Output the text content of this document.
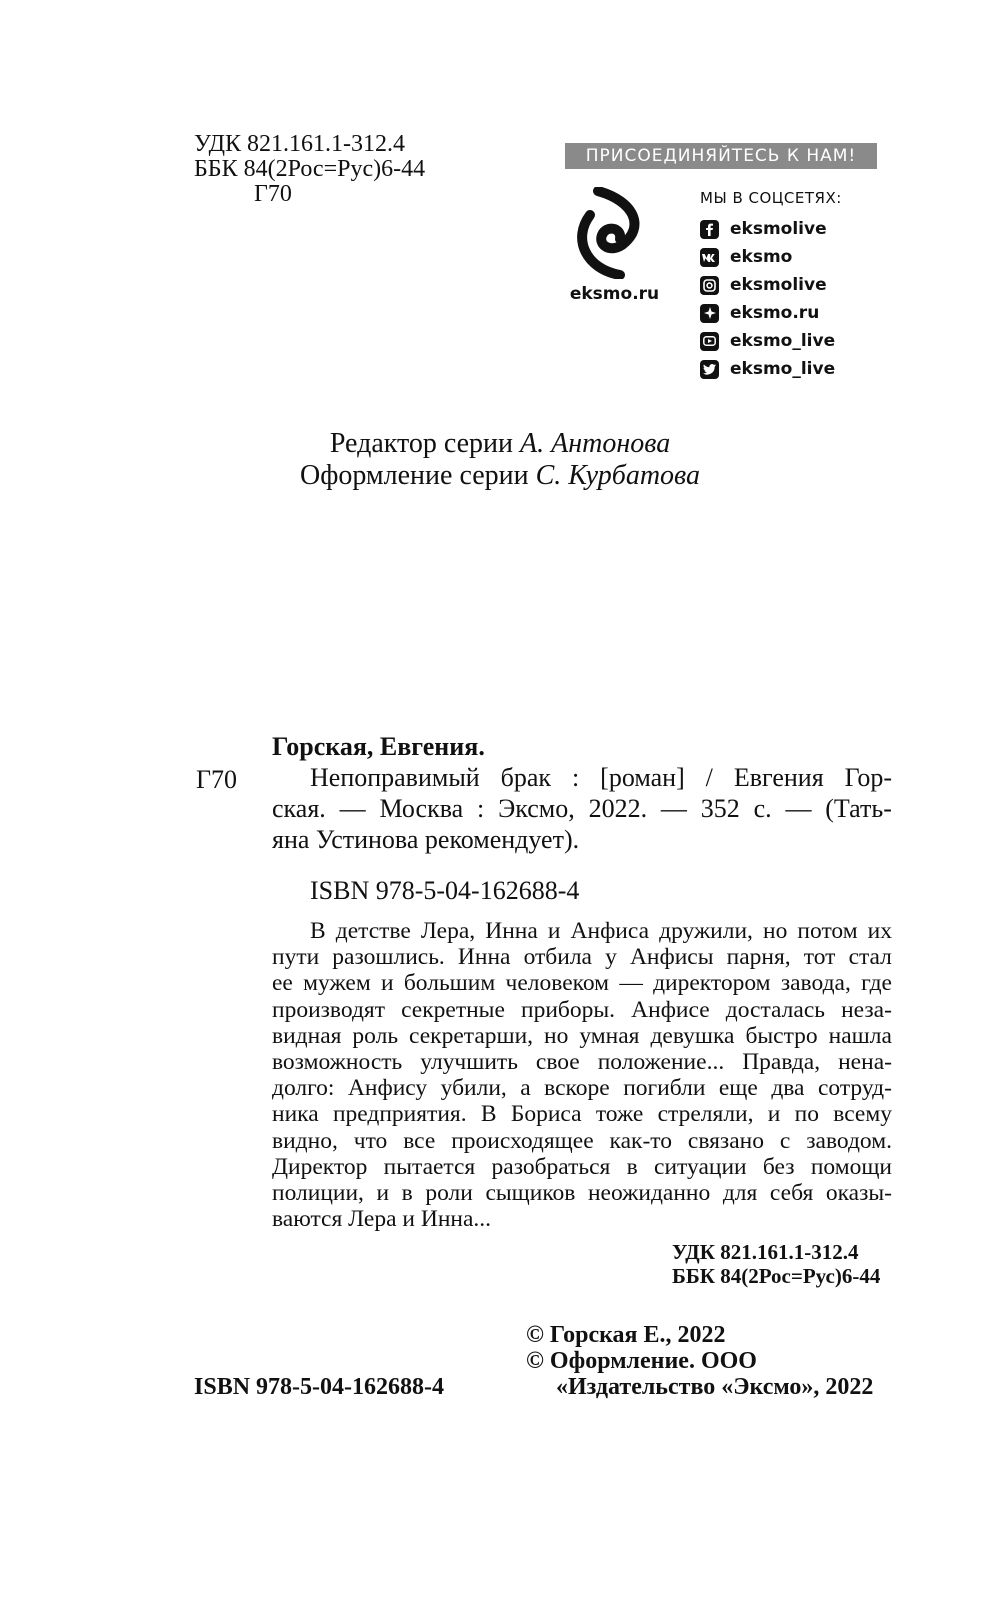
УДК 821.161.1-312.4
ББК 84(2Рос=Рус)6-44
Г70
ПРИСОЕДИНЯЙТЕСЬ К НАМ!
eksmo.ru
МЫ В СОЦСЕТЯХ:
eksmolive
eksmo
eksmolive
eksmo.ru
eksmo_live
eksmo_live
Редактор серии А. Антонова
Оформление серии С. Курбатова
Горская, Евгения.
Г70	Непоправимый брак : [роман] / Евгения Гор-
ская. — Москва : Эксмо, 2022. — 352 с. — (Тать-
яна Устинова рекомендует).
ISBN 978-5-04-162688-4
В детстве Лера, Инна и Анфиса дружили, но потом их
пути разошлись. Инна отбила у Анфисы парня, тот стал
ее мужем и большим человеком — директором завода, где
производят секретные приборы. Анфисе досталась неза-
видная роль секретарши, но умная девушка быстро нашла
возможность улучшить свое положение... Правда, нена-
долго: Анфису убили, а вскоре погибли еще два сотруд-
ника предприятия. В Бориса тоже стреляли, и по всему
видно, что все происходящее как-то связано с заводом.
Директор пытается разобраться в ситуации без помощи
полиции, и в роли сыщиков неожиданно для себя оказы-
ваются Лера и Инна...
УДК 821.161.1-312.4
ББК 84(2Рос=Рус)6-44
© Горская Е., 2022
© Оформление. ООО
«Издательство «Эксмо», 2022
ISBN 978-5-04-162688-4
